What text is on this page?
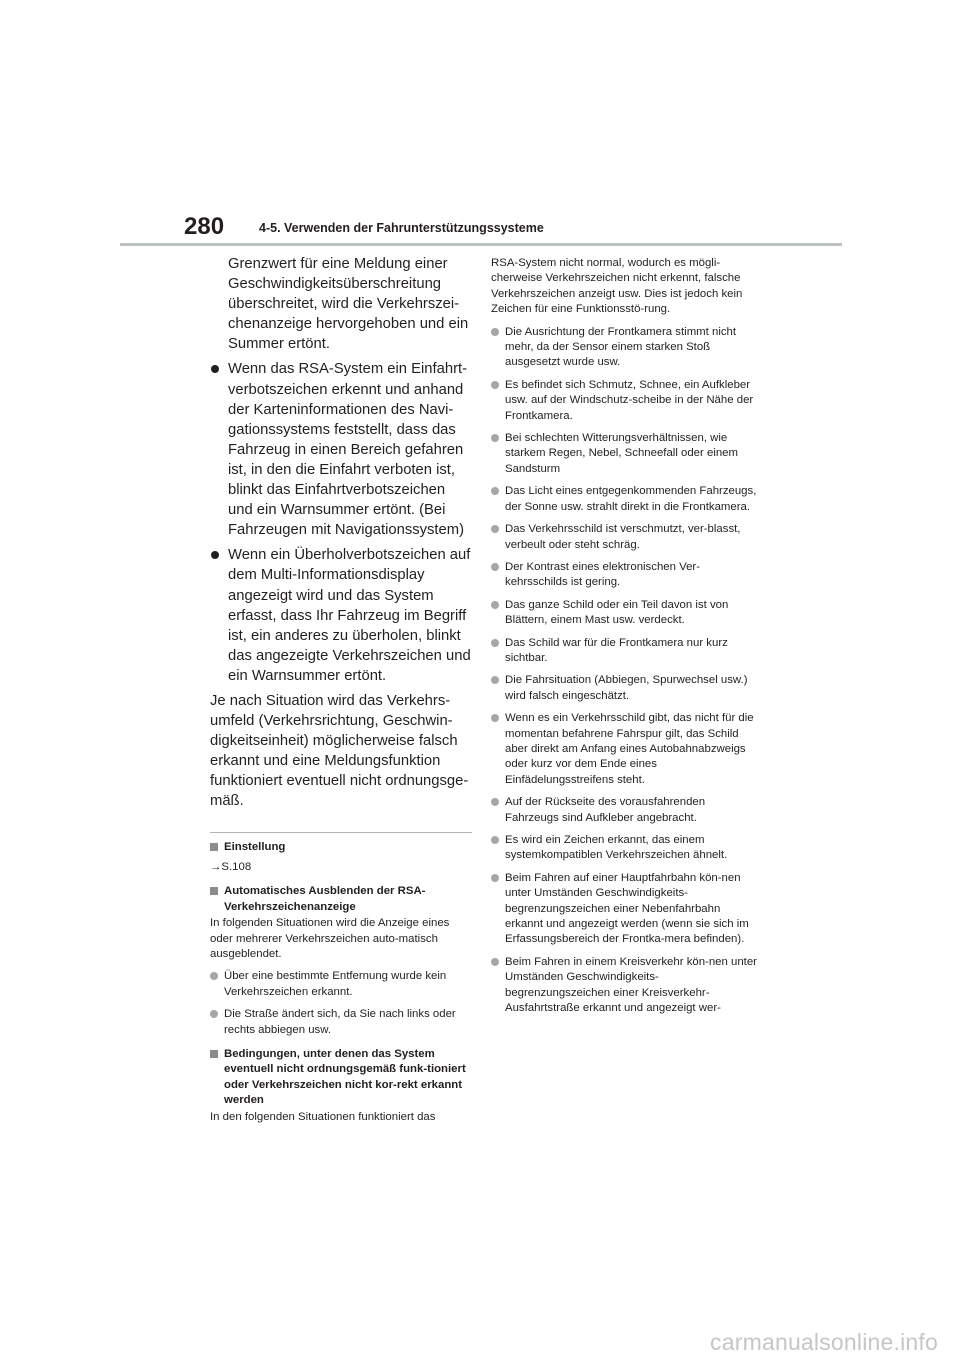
280	4-5. Verwenden der Fahrunterstützungssysteme

Grenzwert für eine Meldung einer Geschwindigkeitsüberschreitung überschreitet, wird die Verkehrszei-chenanzeige hervorgehoben und ein Summer ertönt.

Wenn das RSA-System ein Einfahrt-verbotszeichen erkennt und anhand der Karteninformationen des Navi-gationssystems feststellt, dass das Fahrzeug in einen Bereich gefahren ist, in den die Einfahrt verboten ist, blinkt das Einfahrtverbotszeichen und ein Warnsummer ertönt. (Bei Fahrzeugen mit Navigationssystem)
Wenn ein Überholverbotszeichen auf dem Multi-Informationsdisplay angezeigt wird und das System erfasst, dass Ihr Fahrzeug im Begriff ist, ein anderes zu überholen, blinkt das angezeigte Verkehrszeichen und ein Warnsummer ertönt.

Je nach Situation wird das Verkehrs-umfeld (Verkehrsrichtung, Geschwin-digkeitseinheit) möglicherweise falsch erkannt und eine Meldungsfunktion funktioniert eventuell nicht ordnungsge-mäß.

Einstellung
→S.108
Automatisches Ausblenden der RSA-Verkehrszeichenanzeige
In folgenden Situationen wird die Anzeige eines oder mehrerer Verkehrszeichen auto-matisch ausgeblendet.
Über eine bestimmte Entfernung wurde kein Verkehrszeichen erkannt.
Die Straße ändert sich, da Sie nach links oder rechts abbiegen usw.
Bedingungen, unter denen das System eventuell nicht ordnungsgemäß funk-tioniert oder Verkehrszeichen nicht kor-rekt erkannt werden
In den folgenden Situationen funktioniert das

RSA-System nicht normal, wodurch es mögli-cherweise Verkehrszeichen nicht erkennt, falsche Verkehrszeichen anzeigt usw. Dies ist jedoch kein Zeichen für eine Funktionsstö-rung.

Die Ausrichtung der Frontkamera stimmt nicht mehr, da der Sensor einem starken Stoß ausgesetzt wurde usw.
Es befindet sich Schmutz, Schnee, ein Aufkleber usw. auf der Windschutz-scheibe in der Nähe der Frontkamera.
Bei schlechten Witterungsverhältnissen, wie starkem Regen, Nebel, Schneefall oder einem Sandsturm
Das Licht eines entgegenkommenden Fahrzeugs, der Sonne usw. strahlt direkt in die Frontkamera.
Das Verkehrsschild ist verschmutzt, ver-blasst, verbeult oder steht schräg.
Der Kontrast eines elektronischen Ver-kehrsschilds ist gering.
Das ganze Schild oder ein Teil davon ist von Blättern, einem Mast usw. verdeckt.
Das Schild war für die Frontkamera nur kurz sichtbar.
Die Fahrsituation (Abbiegen, Spurwechsel usw.) wird falsch eingeschätzt.
Wenn es ein Verkehrsschild gibt, das nicht für die momentan befahrene Fahrspur gilt, das Schild aber direkt am Anfang eines Autobahnabzweigs oder kurz vor dem Ende eines Einfädelungsstreifens steht.
Auf der Rückseite des vorausfahrenden Fahrzeugs sind Aufkleber angebracht.
Es wird ein Zeichen erkannt, das einem systemkompatiblen Verkehrszeichen ähnelt.
Beim Fahren auf einer Hauptfahrbahn kön-nen unter Umständen Geschwindigkeits-begrenzungszeichen einer Nebenfahrbahn erkannt und angezeigt werden (wenn sie sich im Erfassungsbereich der Frontka-mera befinden).
Beim Fahren in einem Kreisverkehr kön-nen unter Umständen Geschwindigkeits-begrenzungszeichen einer Kreisverkehr-Ausfahrtstraße erkannt und angezeigt wer-
carmanualsonline.info
